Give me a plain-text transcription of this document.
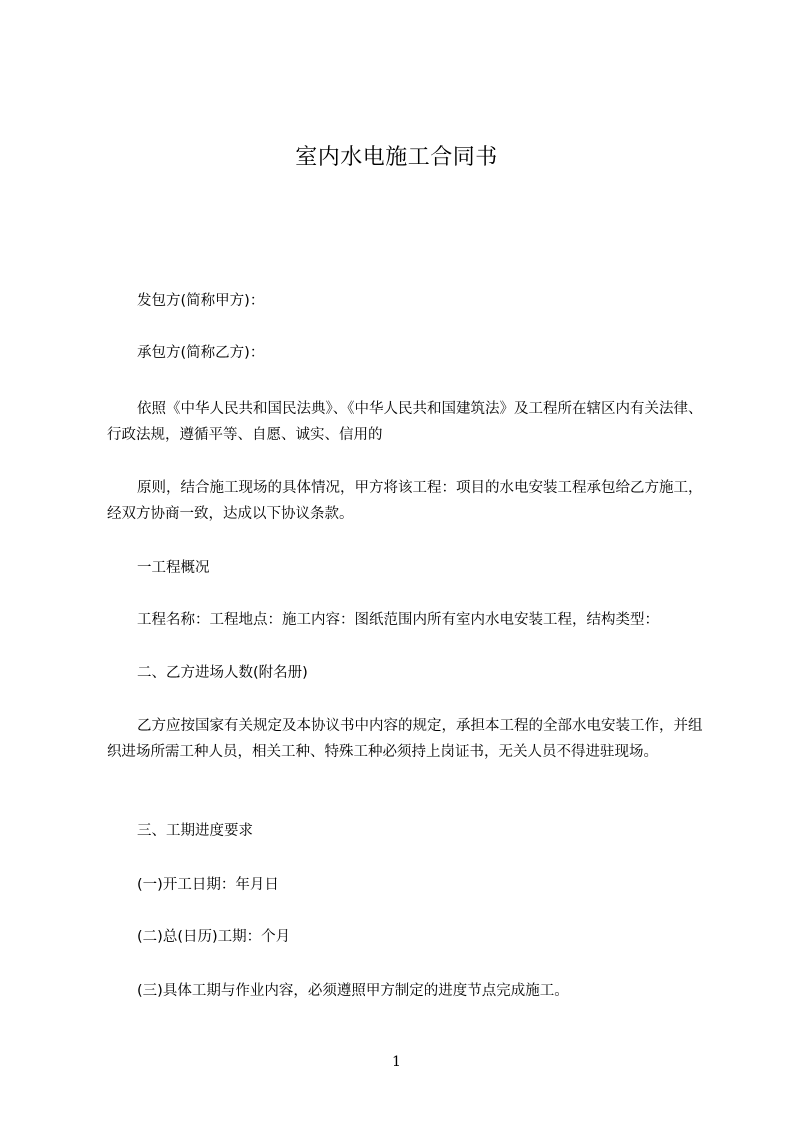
室内水电施工合同书

发包方(简称甲方)：

承包方(简称乙方)：

依照《中华人民共和国民法典》、《中华人民共和国建筑法》及工程所在辖区内有关法律、行政法规，遵循平等、自愿、诚实、信用的

原则，结合施工现场的具体情况，甲方将该工程：项目的水电安装工程承包给乙方施工，经双方协商一致，达成以下协议条款。

一工程概况

工程名称：工程地点：施工内容：图纸范围内所有室内水电安装工程，结构类型：

二、乙方进场人数(附名册)

乙方应按国家有关规定及本协议书中内容的规定，承担本工程的全部水电安装工作，并组织进场所需工种人员，相关工种、特殊工种必须持上岗证书，无关人员不得进驻现场。

三、工期进度要求

(一)开工日期：年月日

(二)总(日历)工期：个月

(三)具体工期与作业内容，必须遵照甲方制定的进度节点完成施工。

1
